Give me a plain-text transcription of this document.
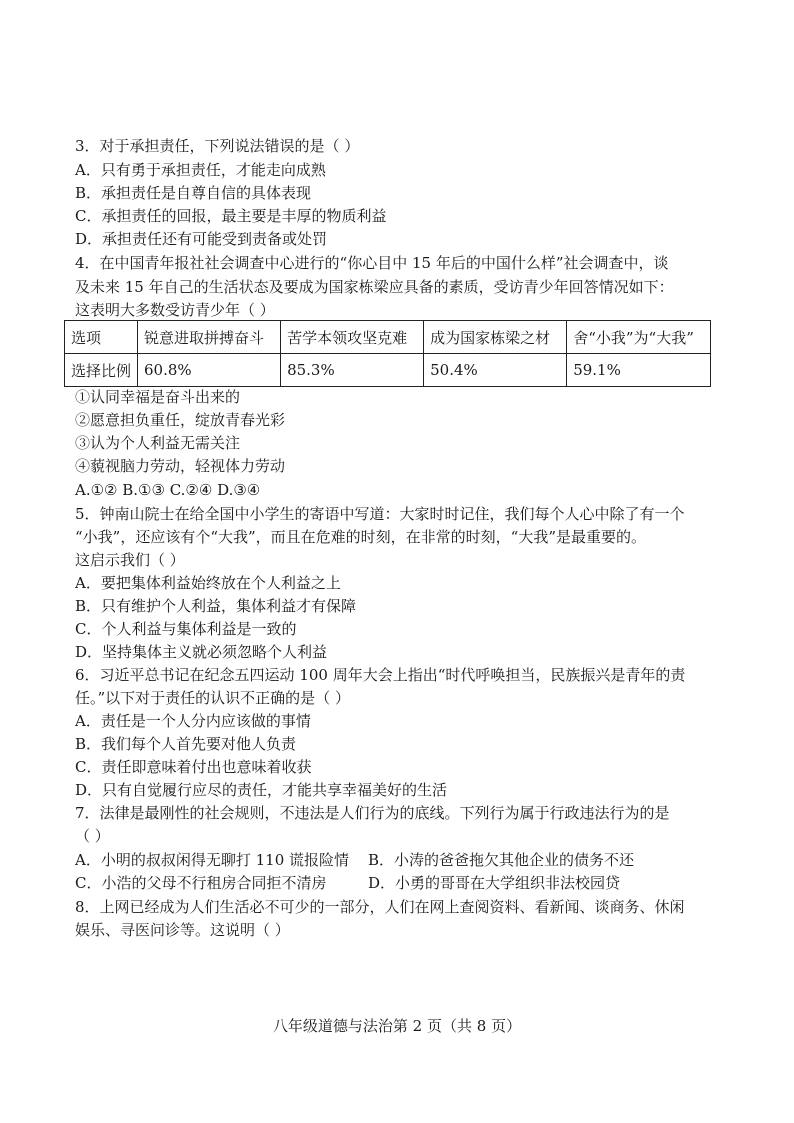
3．对于承担责任，下列说法错误的是（ ）
A．只有勇于承担责任，才能走向成熟
B．承担责任是自尊自信的具体表现
C．承担责任的回报，最主要是丰厚的物质利益
D．承担责任还有可能受到责备或处罚
4．在中国青年报社社会调查中心进行的“你心目中 15 年后的中国什么样”社会调查中，谈
及未来 15 年自己的生活状态及要成为国家栋梁应具备的素质，受访青少年回答情况如下：
这表明大多数受访青少年（ ）
选项	锐意进取拼搏奋斗	苦学本领攻坚克难	成为国家栋梁之材	舍“小我”为“大我”
选择比例	60.8%	85.3%	50.4%	59.1%
①认同幸福是奋斗出来的
②愿意担负重任，绽放青春光彩
③认为个人利益无需关注
④藐视脑力劳动，轻视体力劳动
A.①② B.①③ C.②④ D.③④
5．钟南山院士在给全国中小学生的寄语中写道：大家时时记住，我们每个人心中除了有一个
“小我”，还应该有个“大我”，而且在危难的时刻，在非常的时刻，“大我”是最重要的。
这启示我们（ ）
A．要把集体利益始终放在个人利益之上
B．只有维护个人利益，集体利益才有保障
C．个人利益与集体利益是一致的
D．坚持集体主义就必须忽略个人利益
6．习近平总书记在纪念五四运动 100 周年大会上指出“时代呼唤担当，民族振兴是青年的责
任。”以下对于责任的认识不正确的是（ ）
A．责任是一个人分内应该做的事情
B．我们每个人首先要对他人负责
C．责任即意味着付出也意味着收获
D．只有自觉履行应尽的责任，才能共享幸福美好的生活
7．法律是最刚性的社会规则，不违法是人们行为的底线。下列行为属于行政违法行为的是
（ ）
A．小明的叔叔闲得无聊打 110 谎报险情 B．小涛的爸爸拖欠其他企业的债务不还
C．小浩的父母不行租房合同拒不清房	D．小勇的哥哥在大学组织非法校园贷
8．上网已经成为人们生活必不可少的一部分，人们在网上查阅资料、看新闻、谈商务、休闲
娱乐、寻医问诊等。这说明（ ）
八年级道德与法治第 2 页（共 8 页）
